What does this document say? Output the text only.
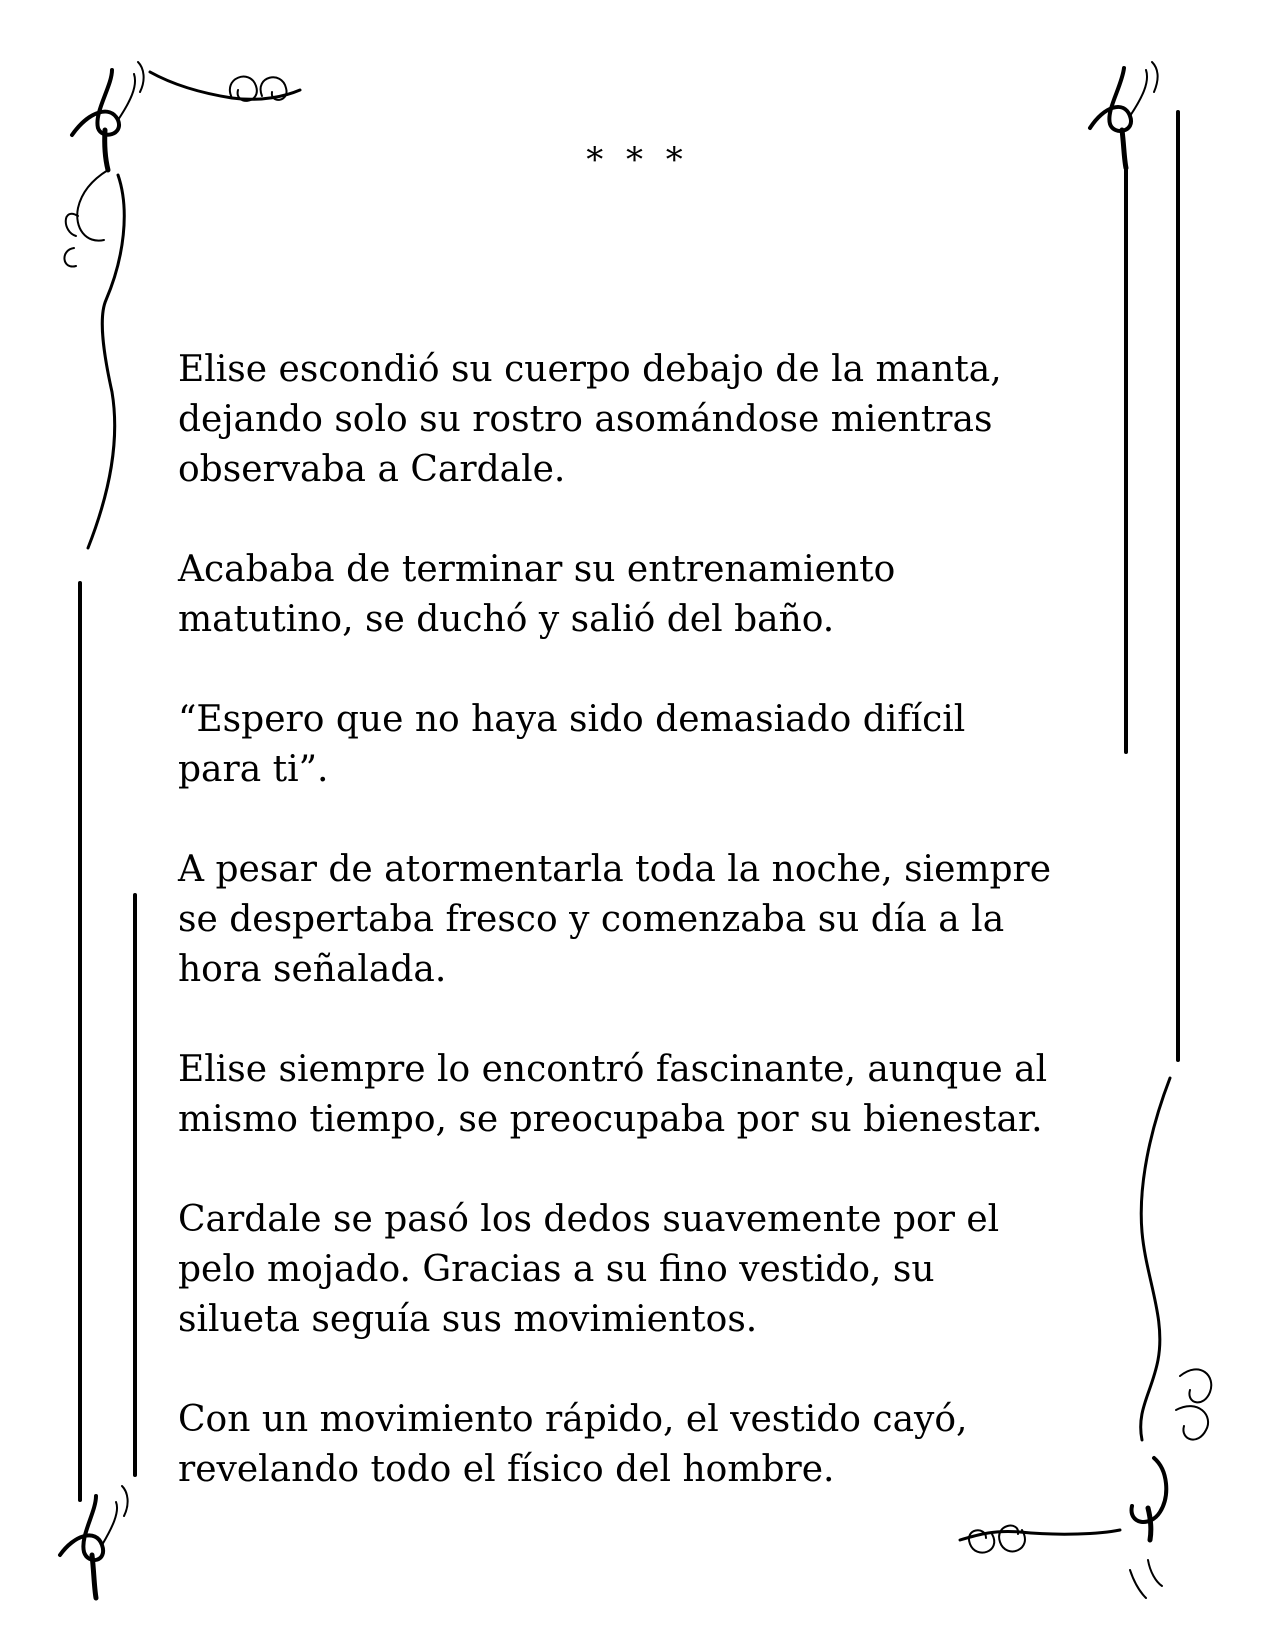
* * *

Elise escondió su cuerpo debajo de la manta,
dejando solo su rostro asomándose mientras
observaba a Cardale.

Acababa de terminar su entrenamiento
matutino, se duchó y salió del baño.

“Espero que no haya sido demasiado difícil
para ti”.

A pesar de atormentarla toda la noche, siempre
se despertaba fresco y comenzaba su día a la
hora señalada.

Elise siempre lo encontró fascinante, aunque al
mismo tiempo, se preocupaba por su bienestar.

Cardale se pasó los dedos suavemente por el
pelo mojado. Gracias a su fino vestido, su
silueta seguía sus movimientos.

Con un movimiento rápido, el vestido cayó,
revelando todo el físico del hombre.
